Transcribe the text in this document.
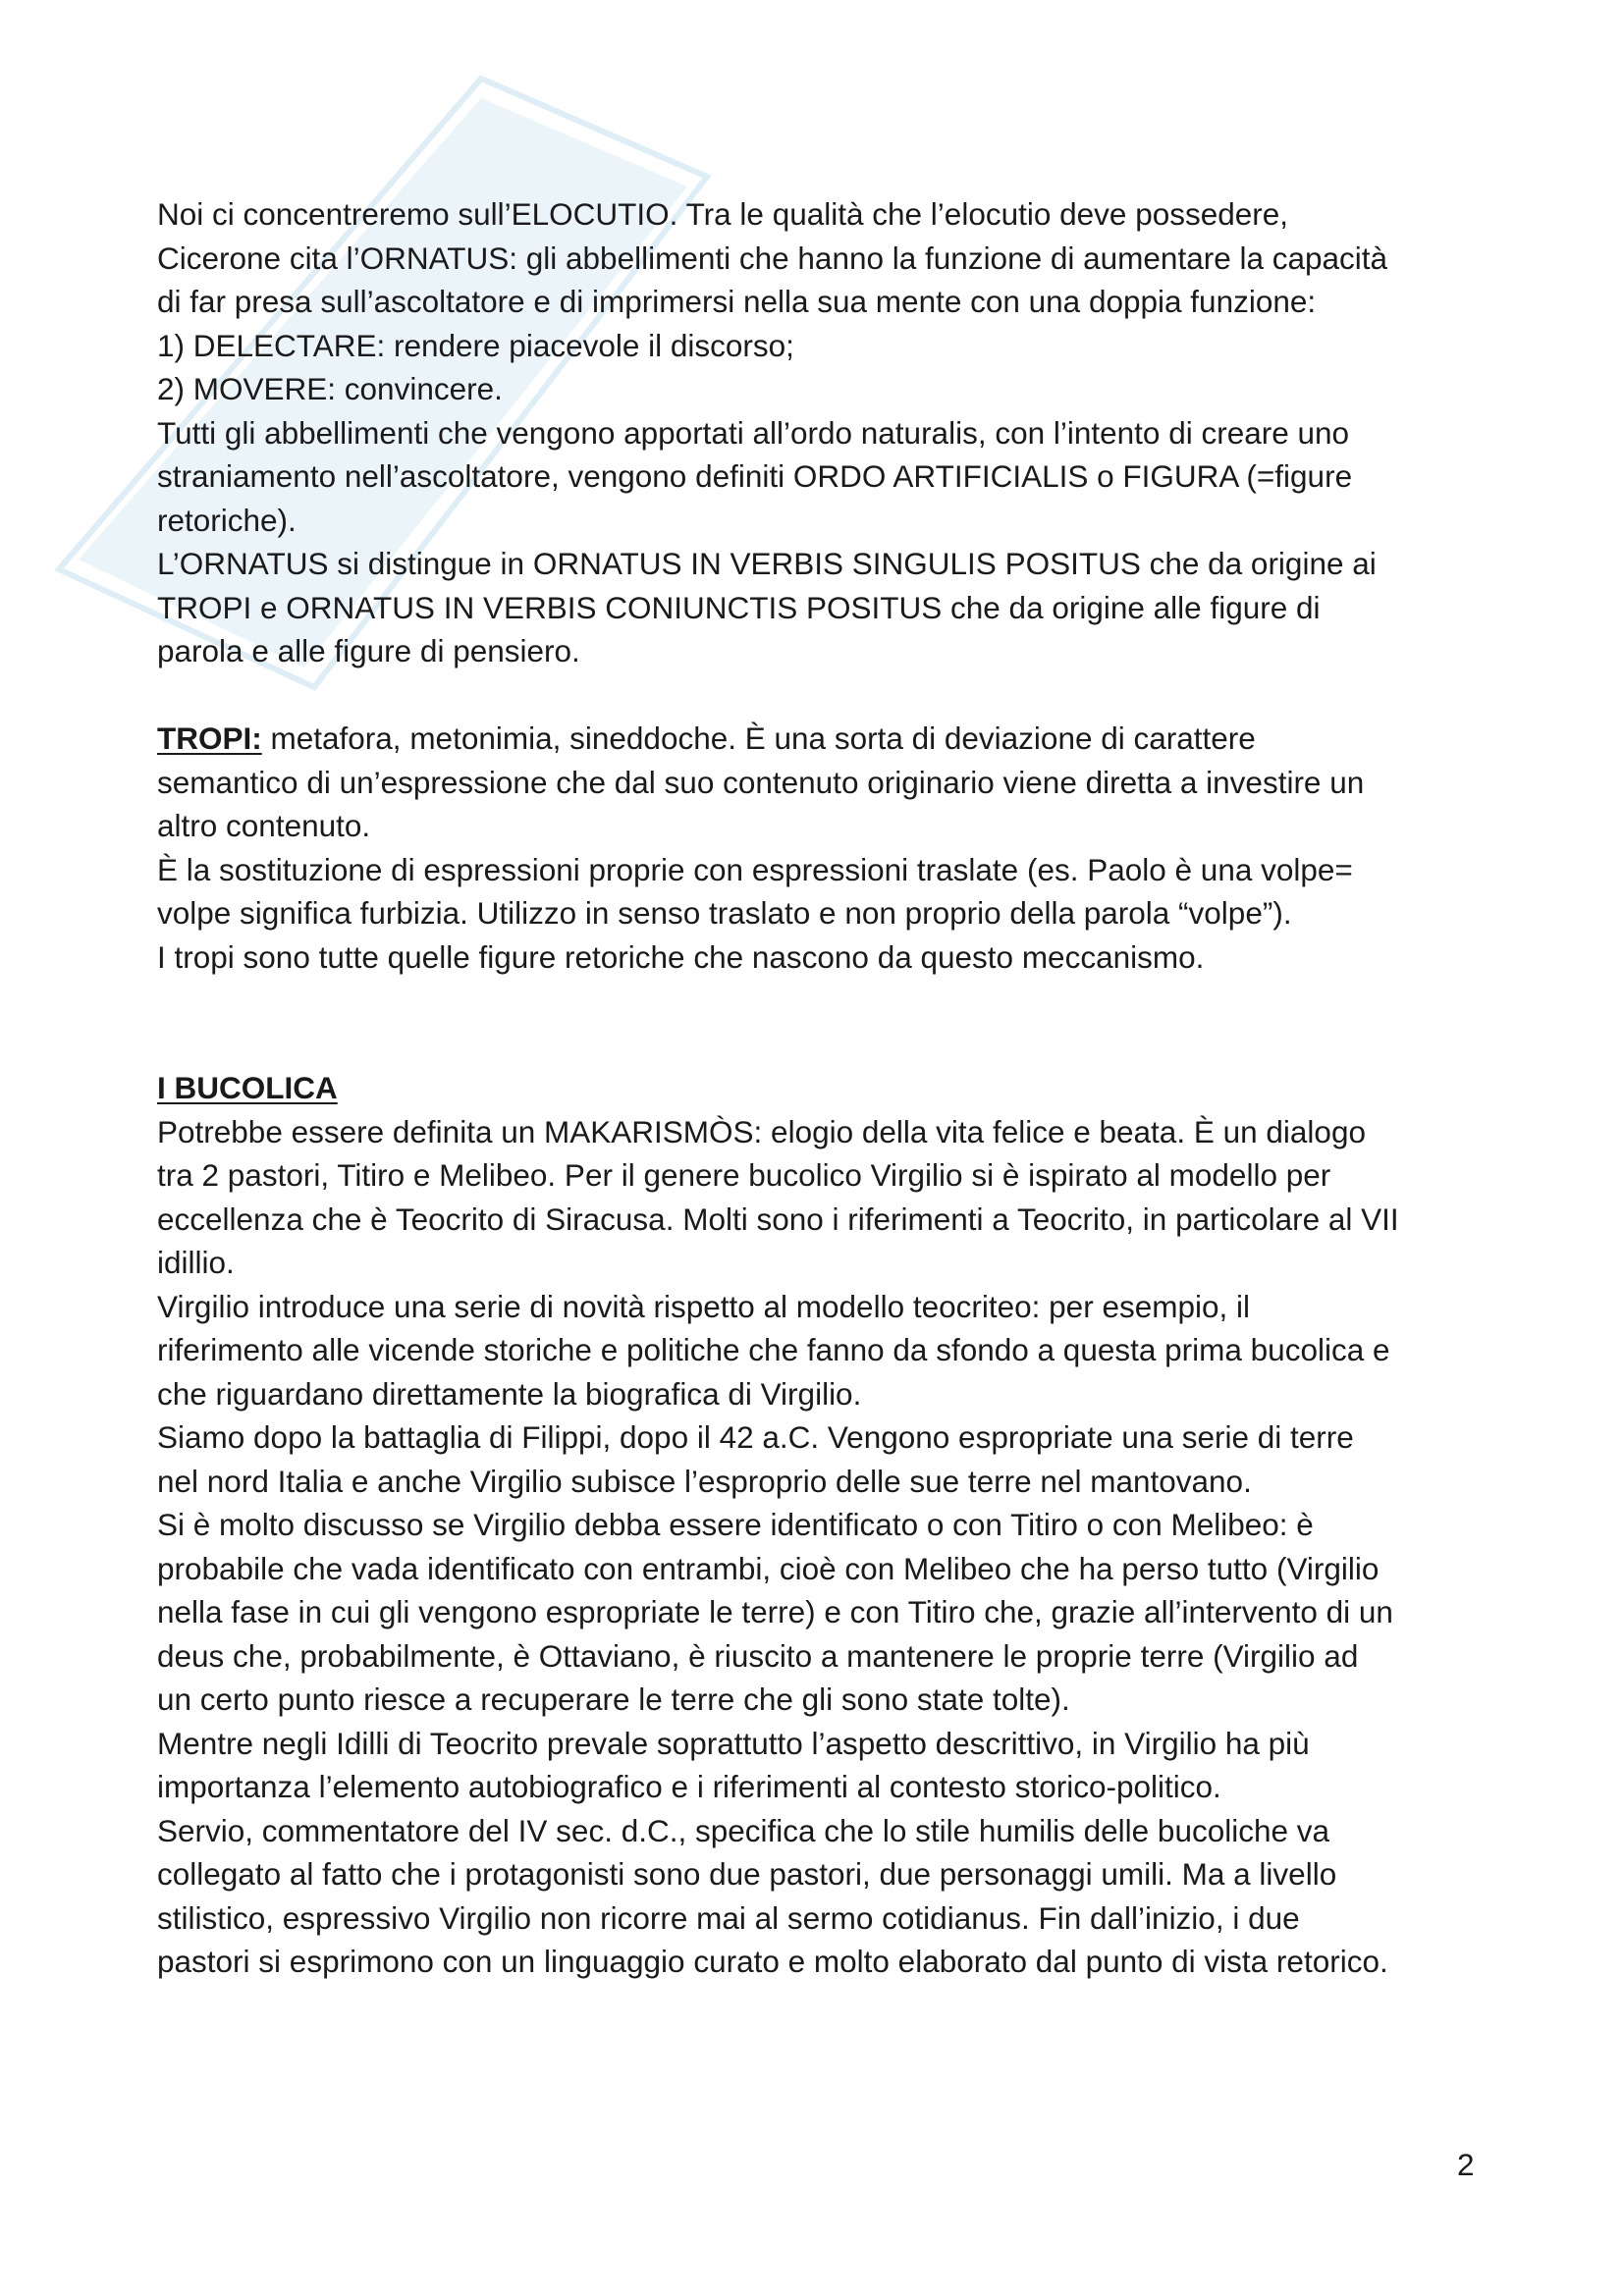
Noi ci concentreremo sull’ELOCUTIO. Tra le qualità che l’elocutio deve possedere,
Cicerone cita l’ORNATUS: gli abbellimenti che hanno la funzione di aumentare la capacità
di far presa sull’ascoltatore e di imprimersi nella sua mente con una doppia funzione:
1) DELECTARE: rendere piacevole il discorso;
2) MOVERE: convincere.
Tutti gli abbellimenti che vengono apportati all’ordo naturalis, con l’intento di creare uno
straniamento nell’ascoltatore, vengono definiti ORDO ARTIFICIALIS o FIGURA (=figure
retoriche).
L’ORNATUS si distingue in ORNATUS IN VERBIS SINGULIS POSITUS che da origine ai
TROPI e ORNATUS IN VERBIS CONIUNCTIS POSITUS che da origine alle figure di
parola e alle figure di pensiero.

TROPI: metafora, metonimia, sineddoche. È una sorta di deviazione di carattere

semantico di un’espressione che dal suo contenuto originario viene diretta a investire un
altro contenuto.
È la sostituzione di espressioni proprie con espressioni traslate (es. Paolo è una volpe=
volpe significa furbizia. Utilizzo in senso traslato e non proprio della parola “volpe”).
I tropi sono tutte quelle figure retoriche che nascono da questo meccanismo.

I BUCOLICA

Potrebbe essere definita un MAKARISMÒS: elogio della vita felice e beata. È un dialogo
tra 2 pastori, Titiro e Melibeo. Per il genere bucolico Virgilio si è ispirato al modello per
eccellenza che è Teocrito di Siracusa. Molti sono i riferimenti a Teocrito, in particolare al VII
idillio.
Virgilio introduce una serie di novità rispetto al modello teocriteo: per esempio, il
riferimento alle vicende storiche e politiche che fanno da sfondo a questa prima bucolica e
che riguardano direttamente la biografica di Virgilio.
Siamo dopo la battaglia di Filippi, dopo il 42 a.C. Vengono espropriate una serie di terre
nel nord Italia e anche Virgilio subisce l’esproprio delle sue terre nel mantovano.
Si è molto discusso se Virgilio debba essere identificato o con Titiro o con Melibeo: è
probabile che vada identificato con entrambi, cioè con Melibeo che ha perso tutto (Virgilio
nella fase in cui gli vengono espropriate le terre) e con Titiro che, grazie all’intervento di un
deus che, probabilmente, è Ottaviano, è riuscito a mantenere le proprie terre (Virgilio ad
un certo punto riesce a recuperare le terre che gli sono state tolte).
Mentre negli Idilli di Teocrito prevale soprattutto l’aspetto descrittivo, in Virgilio ha più
importanza l’elemento autobiografico e i riferimenti al contesto storico-politico.
Servio, commentatore del IV sec. d.C., specifica che lo stile humilis delle bucoliche va
collegato al fatto che i protagonisti sono due pastori, due personaggi umili. Ma a livello
stilistico, espressivo Virgilio non ricorre mai al sermo cotidianus. Fin dall’inizio, i due
pastori si esprimono con un linguaggio curato e molto elaborato dal punto di vista retorico.

2
